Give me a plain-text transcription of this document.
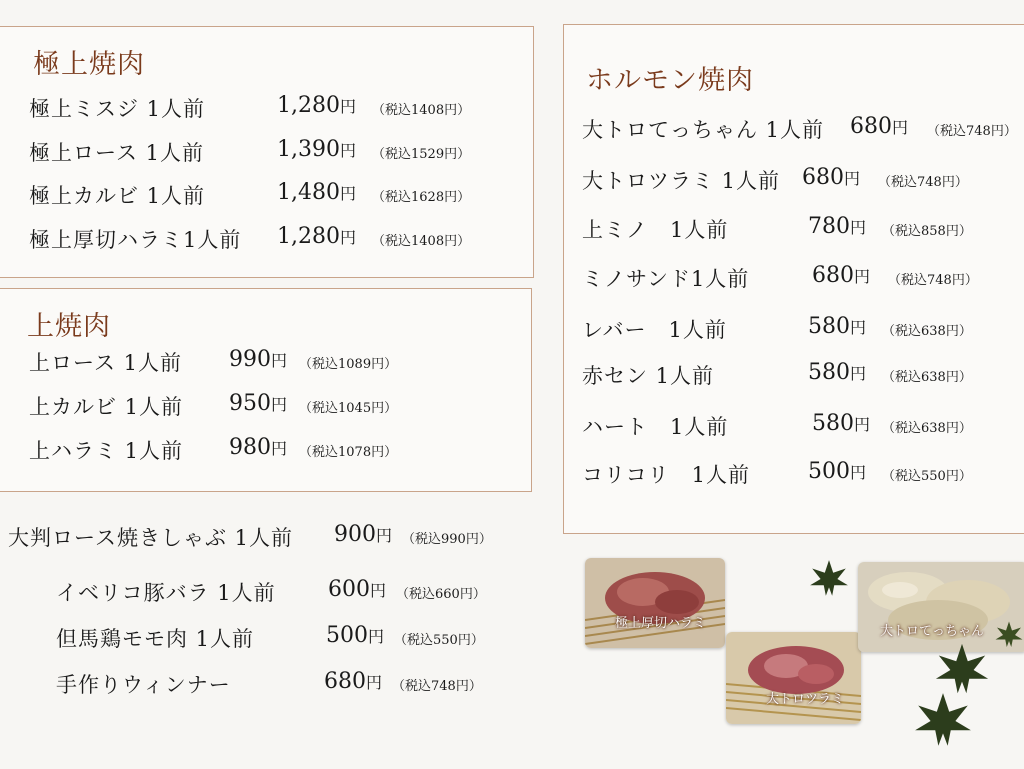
極上焼肉
極上ミスジ 1人前	1,280円 （税込1408円）
極上ロース 1人前	1,390円 （税込1529円）
極上カルビ 1人前	1,480円 （税込1628円）
極上厚切ハラミ1人前 1,280円 （税込1408円）
上焼肉
上ロース 1人前 990円 （税込1089円）
上カルビ 1人前 950円 （税込1045円）
上ハラミ 1人前 980円 （税込1078円）
ホルモン焼肉
大トロてっちゃん 1人前 680円 （税込748円）
大トロツラミ 1人前 680円 （税込748円）
上ミノ　1人前	780円 （税込858円）
ミノサンド1人前	680円 （税込748円）
レバー　1人前	580円 （税込638円）
赤セン 1人前	580円 （税込638円）
ハート　1人前	580円 （税込638円）
コリコリ　1人前	500円 （税込550円）
大判ロース焼きしゃぶ 1人前 900円 （税込990円）
イベリコ豚バラ 1人前 600円 （税込660円）
但馬鶏モモ肉 1人前	500円 （税込550円）
手作りウィンナー	680円 （税込748円）
極上厚切ハラミ
大トロツラミ
大トロてっちゃん
